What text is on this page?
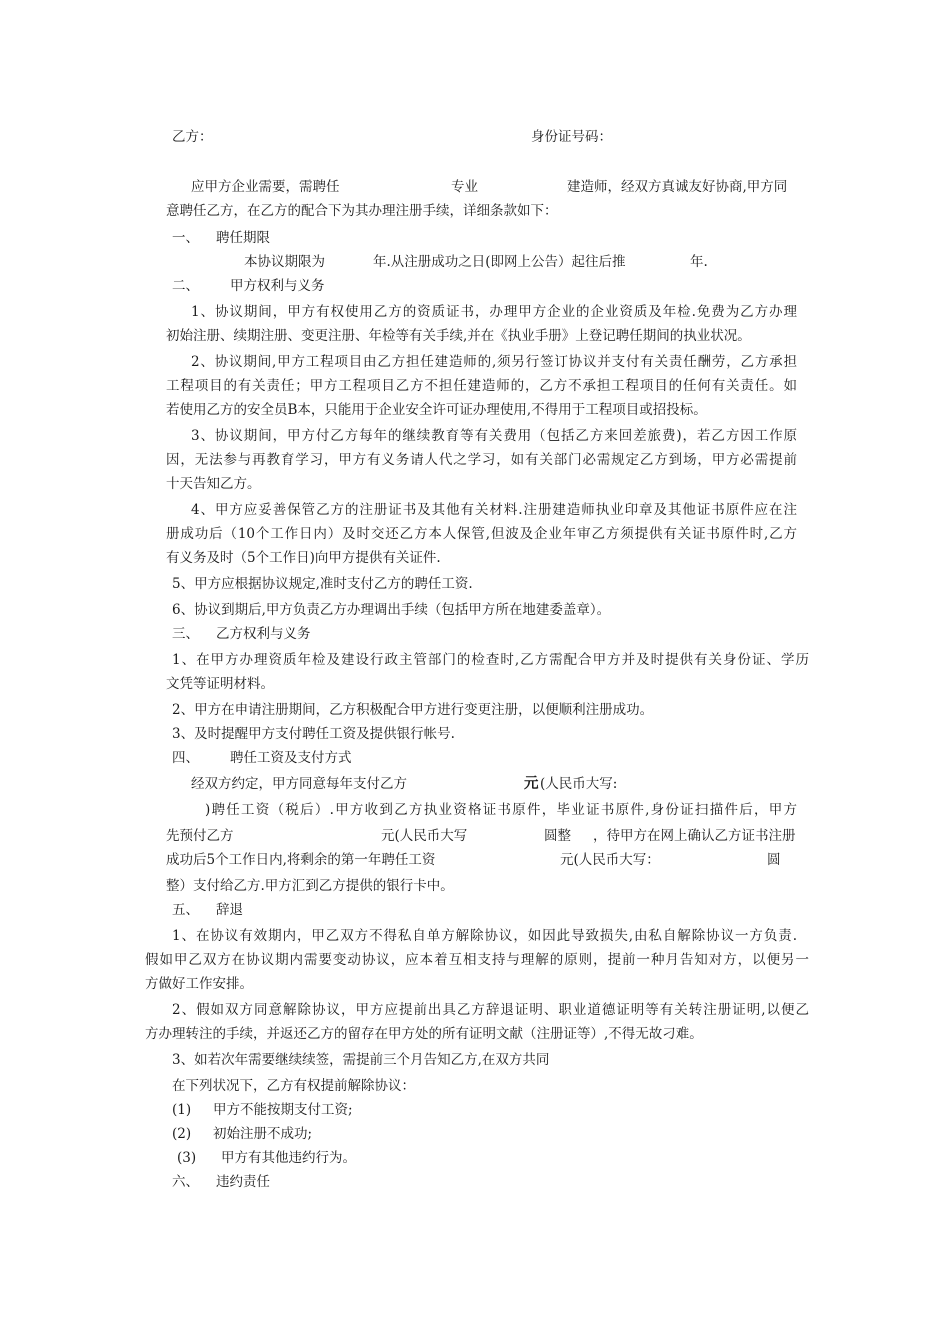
乙方：	身份证号码：
应甲方企业需要，需聘任	专业	建造师，经双方真诚友好协商,甲方同
意聘任乙方，在乙方的配合下为其办理注册手续，详细条款如下：
一、 聘任期限
本协议期限为	年.从注册成功之日(即网上公告）起往后推	年.
二、 甲方权利与义务
1、协议期间，甲方有权使用乙方的资质证书，办理甲方企业的企业资质及年检.免费为乙方办理
初始注册、续期注册、变更注册、年检等有关手续,并在《执业手册》上登记聘任期间的执业状况。
2、协议期间,甲方工程项目由乙方担任建造师的,须另行签订协议并支付有关责任酬劳，乙方承担
工程项目的有关责任；甲方工程项目乙方不担任建造师的，乙方不承担工程项目的任何有关责任。如
若使用乙方的安全员B本，只能用于企业安全许可证办理使用,不得用于工程项目或招投标。
3、协议期间，甲方付乙方每年的继续教育等有关费用（包括乙方来回差旅费)，若乙方因工作原
因，无法参与再教育学习，甲方有义务请人代之学习，如有关部门必需规定乙方到场，甲方必需提前
十天告知乙方。
4、甲方应妥善保管乙方的注册证书及其他有关材料.注册建造师执业印章及其他证书原件应在注
册成功后（10个工作日内）及时交还乙方本人保管,但波及企业年审乙方须提供有关证书原件时,乙方
有义务及时（5个工作日)向甲方提供有关证件.
5、甲方应根据协议规定,准时支付乙方的聘任工资.
6、协议到期后,甲方负责乙方办理调出手续（包括甲方所在地建委盖章）。
三、 乙方权利与义务
1、在甲方办理资质年检及建设行政主管部门的检查时,乙方需配合甲方并及时提供有关身份证、学历
文凭等证明材料。
2、甲方在申请注册期间，乙方积极配合甲方进行变更注册，以便顺利注册成功。
3、及时提醒甲方支付聘任工资及提供银行帐号.
四、 聘任工资及支付方式
经双方约定，甲方同意每年支付乙方	元 (人民币大写:
)聘任工资（税后）.甲方收到乙方执业资格证书原件，毕业证书原件,身份证扫描件后，甲方
先预付乙方	元(人民币大写	圆整 ，待甲方在网上确认乙方证书注册
成功后5个工作日内,将剩余的第一年聘任工资	元(人民币大写：	圆
整）支付给乙方.甲方汇到乙方提供的银行卡中。
五、 辞退
1、在协议有效期内，甲乙双方不得私自单方解除协议，如因此导致损失,由私自解除协议一方负责.
假如甲乙双方在协议期内需要变动协议，应本着互相支持与理解的原则，提前一种月告知对方，以便另一
方做好工作安排。
2、假如双方同意解除协议，甲方应提前出具乙方辞退证明、职业道德证明等有关转注册证明,以便乙
方办理转注的手续，并返还乙方的留存在甲方处的所有证明文献（注册证等）,不得无故刁难。
3、如若次年需要继续续签，需提前三个月告知乙方,在双方共同
在下列状况下，乙方有权提前解除协议：
(1) 甲方不能按期支付工资;
(2) 初始注册不成功;
(3) 甲方有其他违约行为。
六、 违约责任
